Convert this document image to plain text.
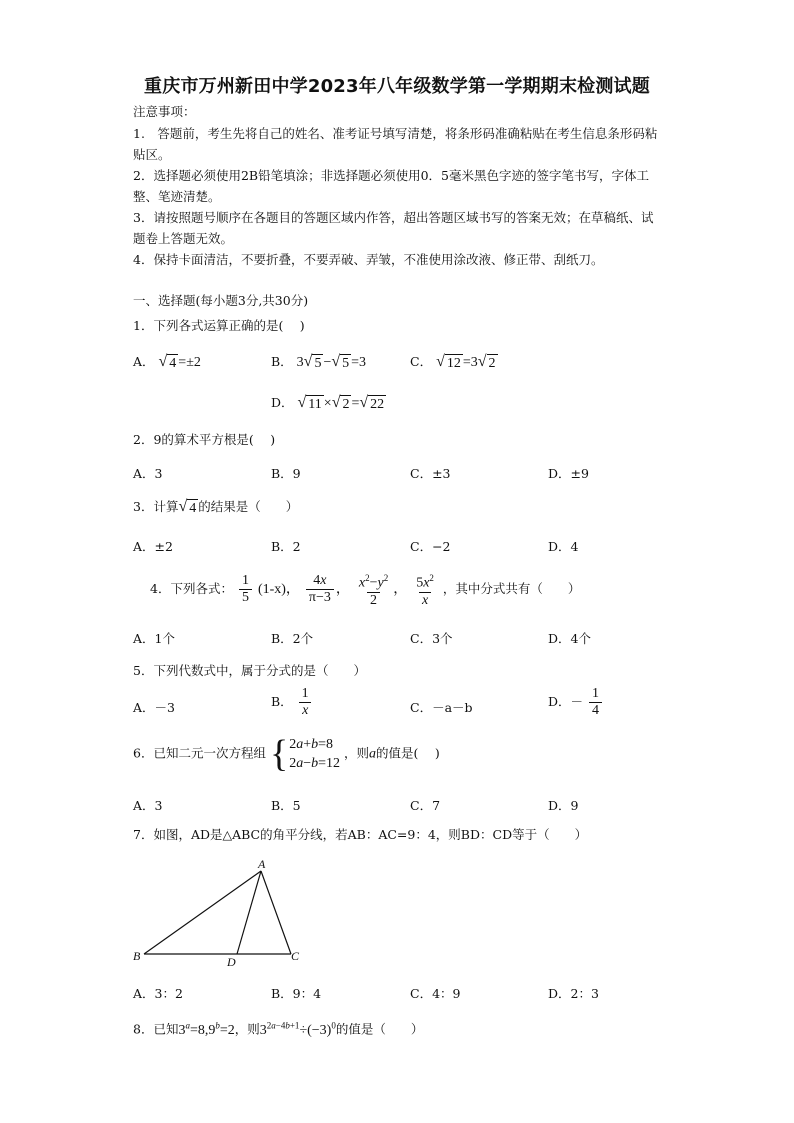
重庆市万州新田中学2023年八年级数学第一学期期末检测试题
注意事项：
1.　答题前，考生先将自己的姓名、准考证号填写清楚，将条形码准确粘贴在考生信息条形码粘贴区。
2．选择题必须使用2B铅笔填涂；非选择题必须使用0．5毫米黑色字迹的签字笔书写，字体工整、笔迹清楚。
3．请按照题号顺序在各题目的答题区域内作答，超出答题区域书写的答案无效；在草稿纸、试题卷上答题无效。
4．保持卡面清洁，不要折叠，不要弄破、弄皱，不准使用涂改液、修正带、刮纸刀。
一、选择题(每小题3分,共30分)
1．下列各式运算正确的是(　 )
A． √ 4 =±2	B． 3 √ 5 − √ 5 =3	C． √ 12 =3 √ 2
D． √ 11 × √ 2 = √ 22
2．9的算术平方根是(　 )
A．3	B．9	C．±3	D．±9
3．计算 √ 4 的结果是（　　）
A．±2	B．2	C．−2	D．4
4．下列各式： $\frac{1}{5} (1-x)$， $\frac{4x}{\pi-3}$ ， $\frac{x^2-y^2}{2}$ ， $\frac{5x^2}{x}$ ，其中分式共有（　　）
A．1个	B．2个	C．3个	D．4个
5．下列代数式中，属于分式的是（　　）
A．－3	B． $\frac{1}{x}$	C．－a－b	D．－ $\frac{1}{4}$
6．已知二元一次方程组 { 2a+b=8
2a−b=12
，则a的值是(　 )
A．3	B．5	C．7	D．9
7．如图，AD是△ABC的角平分线，若AB：AC=9：4，则BD：CD等于（　　）
A
B	C
D
A．3：2	B．9：4	C．4：9	D．2：3
8．已知$3^a=8,9^b=2$，则$3^{2a-4b+1}\div(-3)^0$的值是（　　）
